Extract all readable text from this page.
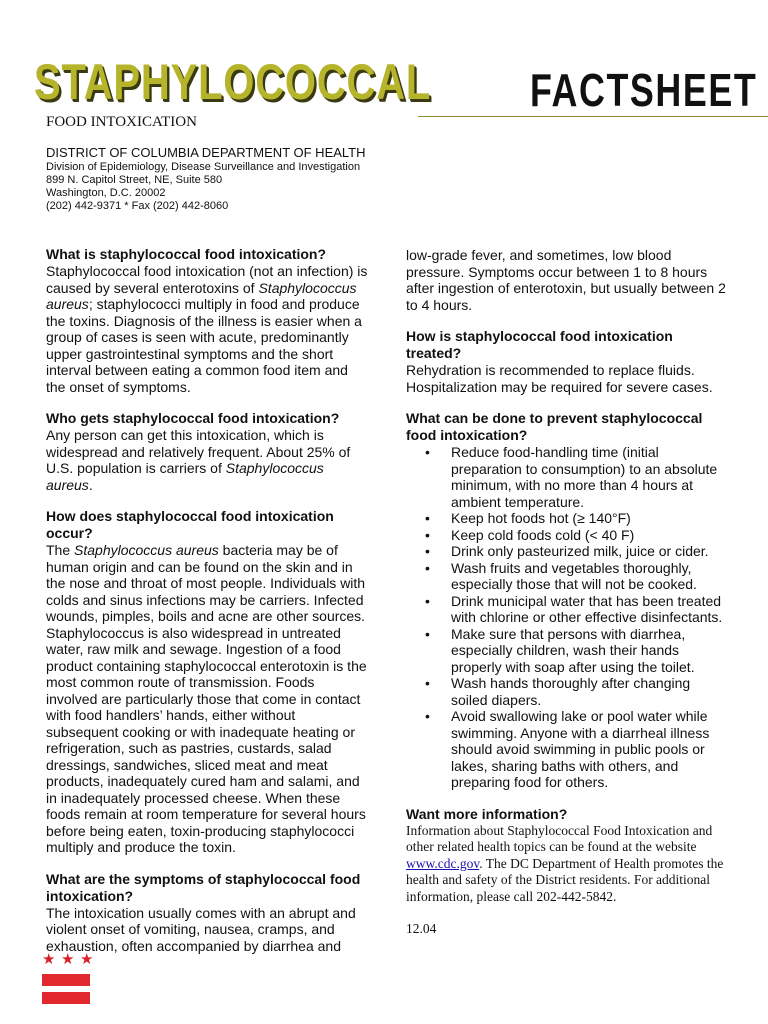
STAPHYLOCOCCAL FACTSHEET
FOOD INTOXICATION
DISTRICT OF COLUMBIA DEPARTMENT OF HEALTH
Division of Epidemiology, Disease Surveillance and Investigation
899 N. Capitol Street, NE, Suite 580
Washington, D.C. 20002
(202) 442-9371 * Fax (202) 442-8060

What is staphylococcal food intoxication?

Staphylococcal food intoxication (not an infection) is caused by several enterotoxins of Staphylococcus aureus; staphylococci multiply in food and produce the toxins. Diagnosis of the illness is easier when a group of cases is seen with acute, predominantly upper gastrointestinal symptoms and the short interval between eating a common food item and the onset of symptoms.

Who gets staphylococcal food intoxication?

Any person can get this intoxication, which is widespread and relatively frequent. About 25% of U.S. population is carriers of Staphylococcus aureus.

How does staphylococcal food intoxication occur?

The Staphylococcus aureus bacteria may be of human origin and can be found on the skin and in the nose and throat of most people. Individuals with colds and sinus infections may be carriers. Infected wounds, pimples, boils and acne are other sources. Staphylococcus is also widespread in untreated water, raw milk and sewage. Ingestion of a food product containing staphylococcal enterotoxin is the most common route of transmission. Foods involved are particularly those that come in contact with food handlers’ hands, either without subsequent cooking or with inadequate heating or refrigeration, such as pastries, custards, salad dressings, sandwiches, sliced meat and meat products, inadequately cured ham and salami, and in inadequately processed cheese. When these foods remain at room temperature for several hours before being eaten, toxin-producing staphylococci multiply and produce the toxin.

What are the symptoms of staphylococcal food intoxication?

The intoxication usually comes with an abrupt and violent onset of vomiting, nausea, cramps, and exhaustion, often accompanied by diarrhea and

low-grade fever, and sometimes, low blood pressure. Symptoms occur between 1 to 8 hours after ingestion of enterotoxin, but usually between 2 to 4 hours.

How is staphylococcal food intoxication treated?

Rehydration is recommended to replace fluids. Hospitalization may be required for severe cases.

What can be done to prevent staphylococcal food intoxication?

• Reduce food-handling time (initial preparation to consumption) to an absolute minimum, with no more than 4 hours at ambient temperature.
• Keep hot foods hot (≥ 140°F)
• Keep cold foods cold (< 40 F)
• Drink only pasteurized milk, juice or cider.
• Wash fruits and vegetables thoroughly, especially those that will not be cooked.
• Drink municipal water that has been treated with chlorine or other effective disinfectants.
• Make sure that persons with diarrhea, especially children, wash their hands properly with soap after using the toilet.
• Wash hands thoroughly after changing soiled diapers.
• Avoid swallowing lake or pool water while swimming. Anyone with a diarrheal illness should avoid swimming in public pools or lakes, sharing baths with others, and preparing food for others.

Want more information?

Information about Staphylococcal Food Intoxication and other related health topics can be found at the website www.cdc.gov. The DC Department of Health promotes the health and safety of the District residents. For additional information, please call 202-442-5842.

12.04
★ ★ ★
